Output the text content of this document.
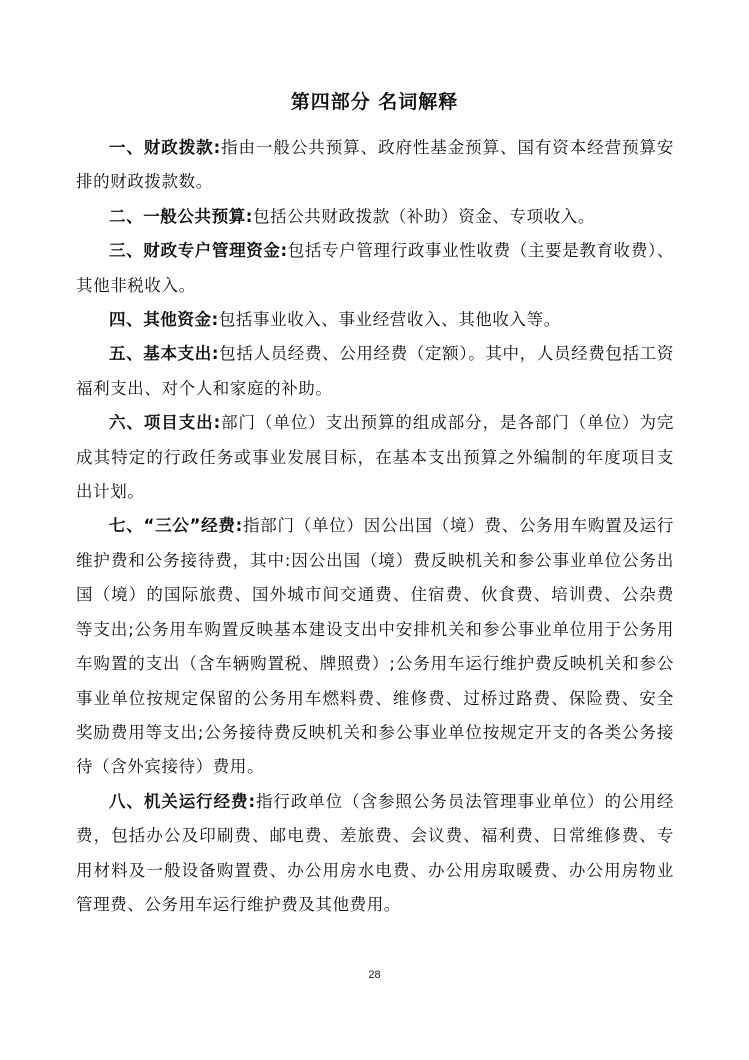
第四部分 名词解释

一、财政拨款:指由一般公共预算、政府性基金预算、国有资本经营预算安排的财政拨款数。

二、一般公共预算:包括公共财政拨款（补助）资金、专项收入。

三、财政专户管理资金:包括专户管理行政事业性收费（主要是教育收费）、其他非税收入。

四、其他资金:包括事业收入、事业经营收入、其他收入等。

五、基本支出:包括人员经费、公用经费（定额）。其中，人员经费包括工资福利支出、对个人和家庭的补助。

六、项目支出:部门（单位）支出预算的组成部分，是各部门（单位）为完成其特定的行政任务或事业发展目标，在基本支出预算之外编制的年度项目支出计划。

七、“三公”经费:指部门（单位）因公出国（境）费、公务用车购置及运行维护费和公务接待费，其中:因公出国（境）费反映机关和参公事业单位公务出国（境）的国际旅费、国外城市间交通费、住宿费、伙食费、培训费、公杂费等支出;公务用车购置反映基本建设支出中安排机关和参公事业单位用于公务用车购置的支出（含车辆购置税、牌照费）;公务用车运行维护费反映机关和参公事业单位按规定保留的公务用车燃料费、维修费、过桥过路费、保险费、安全奖励费用等支出;公务接待费反映机关和参公事业单位按规定开支的各类公务接待（含外宾接待）费用。

八、机关运行经费:指行政单位（含参照公务员法管理事业单位）的公用经费，包括办公及印刷费、邮电费、差旅费、会议费、福利费、日常维修费、专用材料及一般设备购置费、办公用房水电费、办公用房取暖费、办公用房物业管理费、公务用车运行维护费及其他费用。

28
